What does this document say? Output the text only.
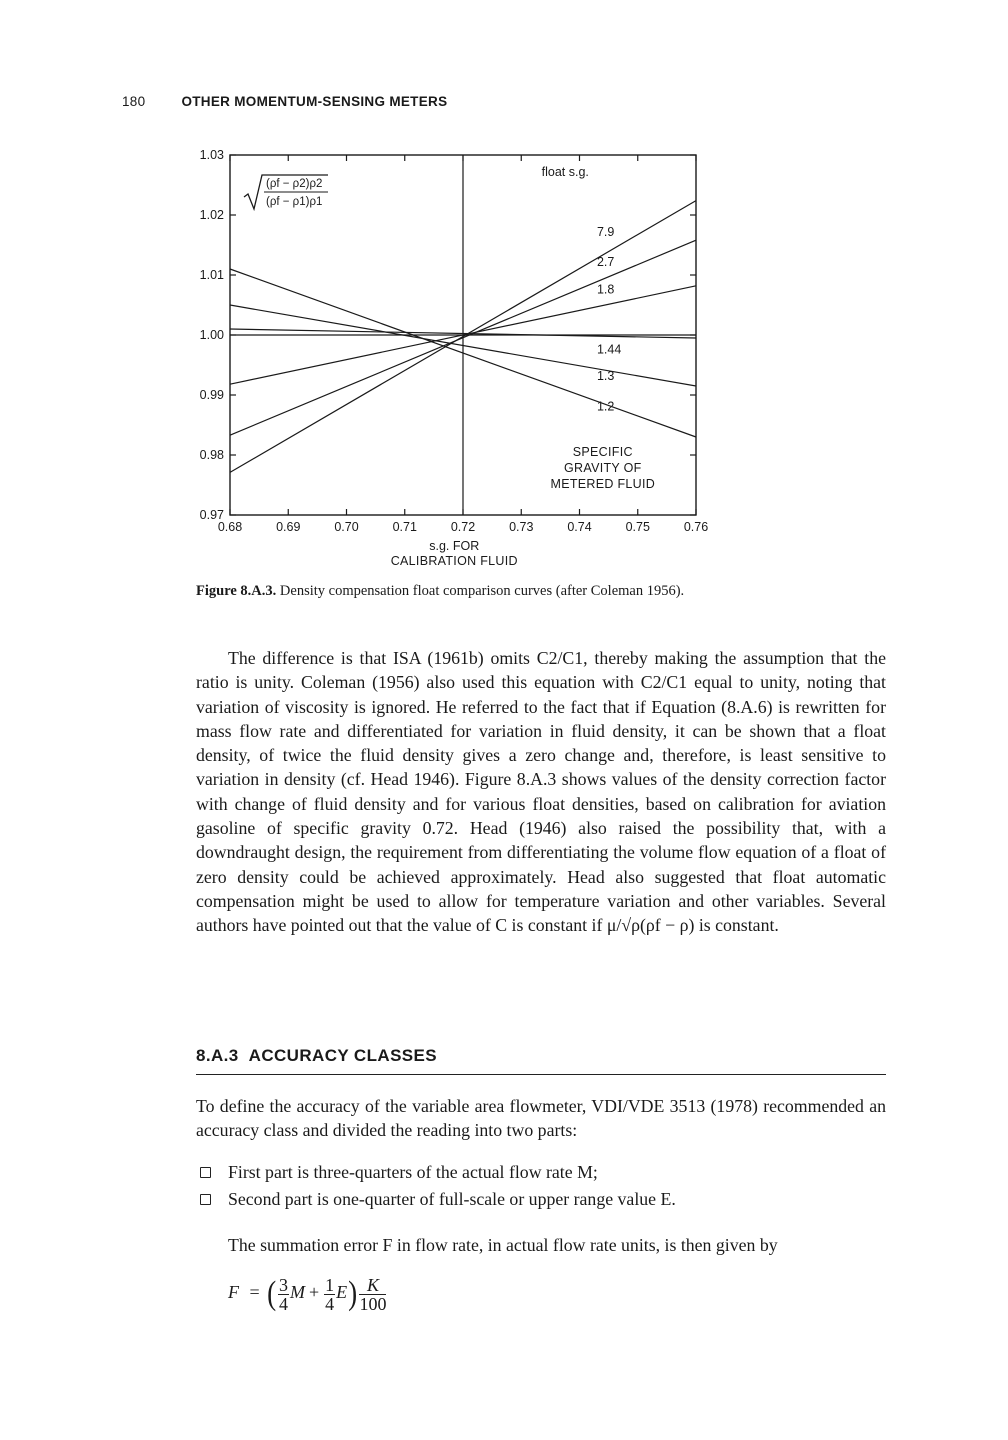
180	OTHER MOMENTUM-SENSING METERS
0.68	0.69	0.70	0.71	0.72	0.73	0.74	0.75	0.76
1.03
1.02
1.01
1.00
0.99
0.98
0.97
7.9
2.7
1.8
1.44
1.3
1.2
float s.g.
SPECIFIC
GRAVITY OF
METERED FLUID
s.g. FOR
CALIBRATION FLUID
(ρf − ρ2)ρ2
(ρf − ρ1)ρ1
Figure 8.A.3. Density compensation float comparison curves (after Coleman 1956).
The difference is that ISA (1961b) omits C2/C1, thereby making the assumption that the ratio is unity. Coleman (1956) also used this equation with C2/C1 equal to unity, noting that variation of viscosity is ignored. He referred to the fact that if Equation (8.A.6) is rewritten for mass flow rate and differentiated for variation in fluid density, it can be shown that a float density, of twice the fluid density gives a zero change and, therefore, is least sensitive to variation in density (cf. Head 1946). Figure 8.A.3 shows values of the density correction factor with change of fluid density and for various float densities, based on calibration for aviation gasoline of specific gravity 0.72. Head (1946) also raised the possibility that, with a downdraught design, the requirement from differentiating the volume flow equation of a float of zero density could be achieved approximately. Head also suggested that float automatic compensation might be used to allow for temperature variation and other variables. Several authors have pointed out that the value of C is constant if μ/√ρ(ρf − ρ) is constant.
8.A.3 ACCURACY CLASSES
To define the accuracy of the variable area flowmeter, VDI/VDE 3513 (1978) recommended an accuracy class and divided the reading into two parts:
First part is three-quarters of the actual flow rate M;
Second part is one-quarter of full-scale or upper range value E.
The summation error F in flow rate, in actual flow rate units, is then given by
F = ( $\frac{3}{4}$ $M + \frac{1}{4} E) \frac{K}{100}$
